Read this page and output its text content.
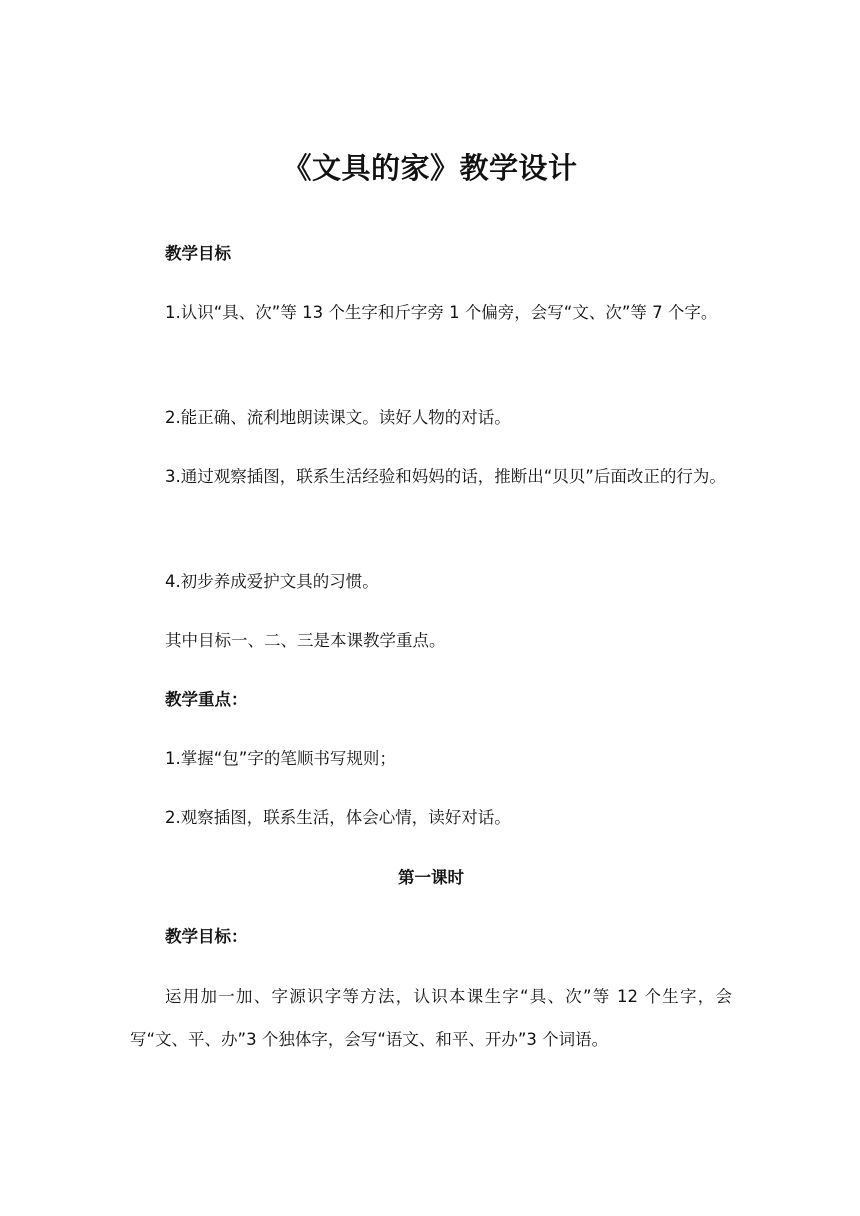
《文具的家》教学设计
教学目标
1.认识“具、次”等 13 个生字和斤字旁 1 个偏旁，会写“文、次”等 7 个字。
2.能正确、流利地朗读课文。读好人物的对话。
3.通过观察插图，联系生活经验和妈妈的话，推断出“贝贝”后面改正的行为。
4.初步养成爱护文具的习惯。
其中目标一、二、三是本课教学重点。
教学重点：
1.掌握“包”字的笔顺书写规则；
2.观察插图，联系生活，体会心情，读好对话。
第一课时
教学目标：
运用加一加、字源识字等方法，认识本课生字“具、次”等 12 个生字，会写“文、平、办”3 个独体字，会写“语文、和平、开办”3 个词语。
